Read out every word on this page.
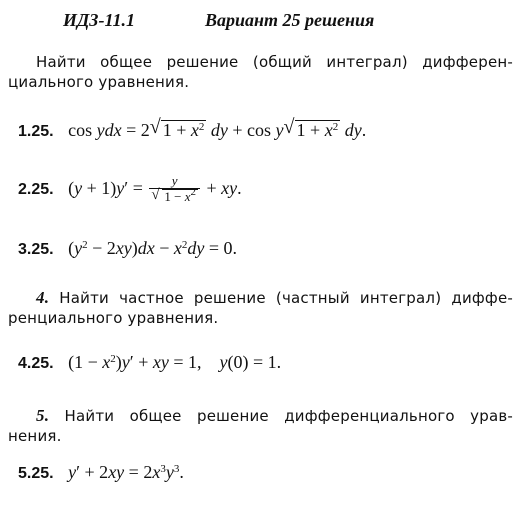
ИДЗ-11.1	Вариант 25 решения
Найти общее решение (общий интеграл) дифферен-циального уравнения.
1.25. cos ydx = 2 √ $1 + x^2$ dy + cos y √ $1 + x^2$ dy.
2.25. $(y + 1)y' = \frac{y}{√ 1 - x^2}$ + xy.
3.25. $(y^2 - 2xy)dx - x^2dy = 0$.
4. Найти частное решение (частный интеграл) диффе-ренциального уравнения.
4.25. $(1 - x^2)y'$ + xy = 1,    y(0) = 1.
5. Найти общее решение дифференциального урав-нения.
5.25. $y' + 2xy = 2x^3y^3$.
